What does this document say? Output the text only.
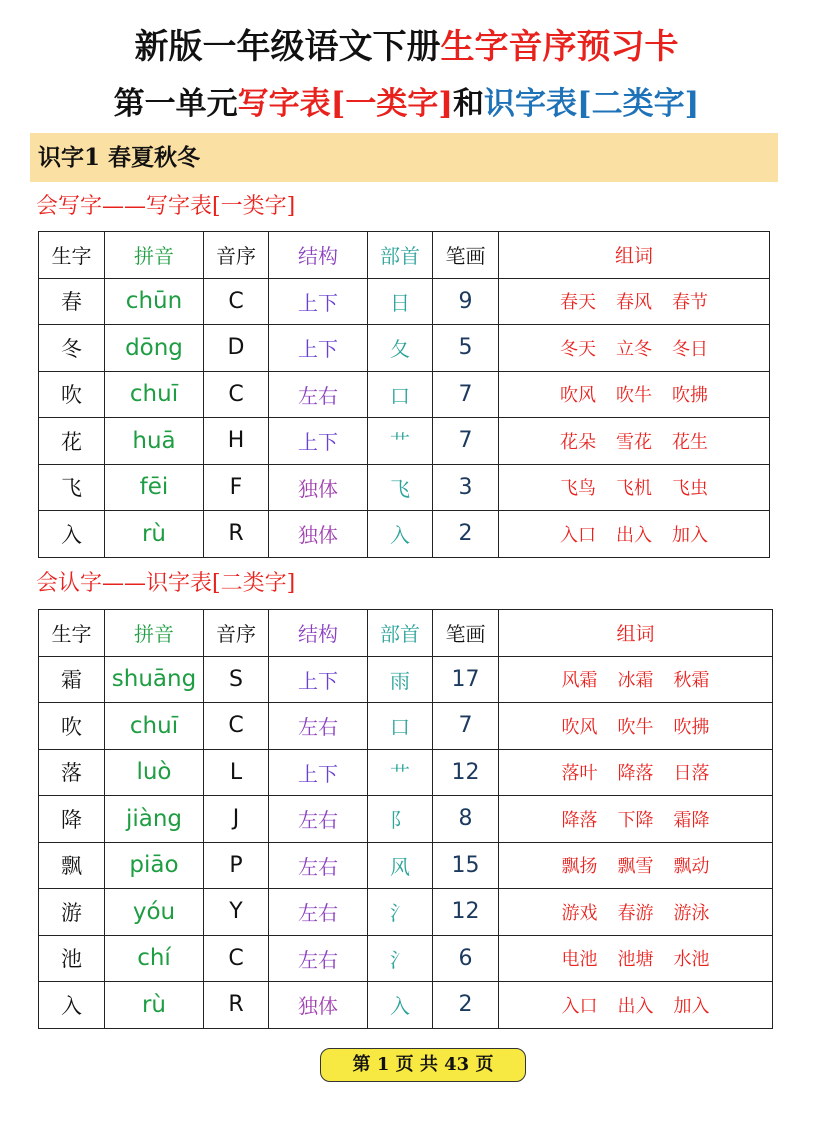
新版一年级语文下册生字音序预习卡
第一单元写字表[一类字]和识字表[二类字]
识字1 春夏秋冬
会写字——写字表[一类字]
生字	拼音	音序	结构	部首	笔画	组词
春	chūn	C	上下	日	9	春天 春风 春节
冬	dōng	D	上下	夂	5	冬天 立冬 冬日
吹	chuī	C	左右	口	7	吹风 吹牛 吹拂
花	huā	H	上下	艹	7	花朵 雪花 花生
飞	fēi	F	独体	飞	3	飞鸟 飞机 飞虫
入	rù	R	独体	入	2	入口 出入 加入
会认字——识字表[二类字]
生字	拼音	音序	结构	部首	笔画	组词
霜	shuāng	S	上下	雨	17	风霜 冰霜 秋霜
吹	chuī	C	左右	口	7	吹风 吹牛 吹拂
落	luò	L	上下	艹	12	落叶 降落 日落
降	jiàng	J	左右	阝	8	降落 下降 霜降
飘	piāo	P	左右	风	15	飘扬 飘雪 飘动
游	yóu	Y	左右	氵	12	游戏 春游 游泳
池	chí	C	左右	氵	6	电池 池塘 水池
入	rù	R	独体	入	2	入口 出入 加入
第 1 页 共 43 页
